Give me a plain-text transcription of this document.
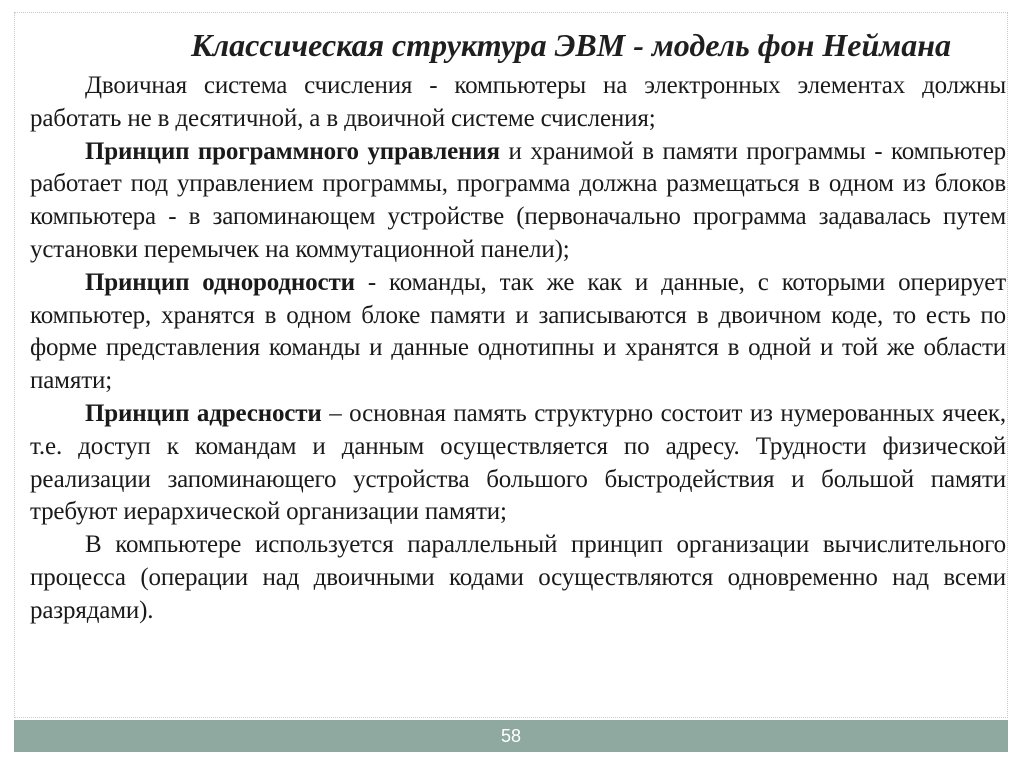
Классическая структура ЭВМ - модель фон Неймана

Двоичная система счисления - компьютеры на электронных элементах должны работать не в десятичной, а в двоичной системе счисления;

Принцип программного управления и хранимой в памяти программы - компьютер работает под управлением программы, программа должна размещаться в одном из блоков компьютера - в запоминающем устройстве (первоначально программа задавалась путем установки перемычек на коммутационной панели);

Принцип однородности - команды, так же как и данные, с которыми оперирует компьютер, хранятся в одном блоке памяти и записываются в двоичном коде, то есть по форме представления команды и данные однотипны и хранятся в одной и той же области памяти;

Принцип адресности – основная память структурно состоит из нумерованных ячеек, т.е. доступ к командам и данным осуществляется по адресу. Трудности физической реализации запоминающего устройства большого быстродействия и большой памяти требуют иерархической организации памяти;

В компьютере используется параллельный принцип организации вычислительного процесса (операции над двоичными кодами осуществляются одновременно над всеми разрядами).

58
